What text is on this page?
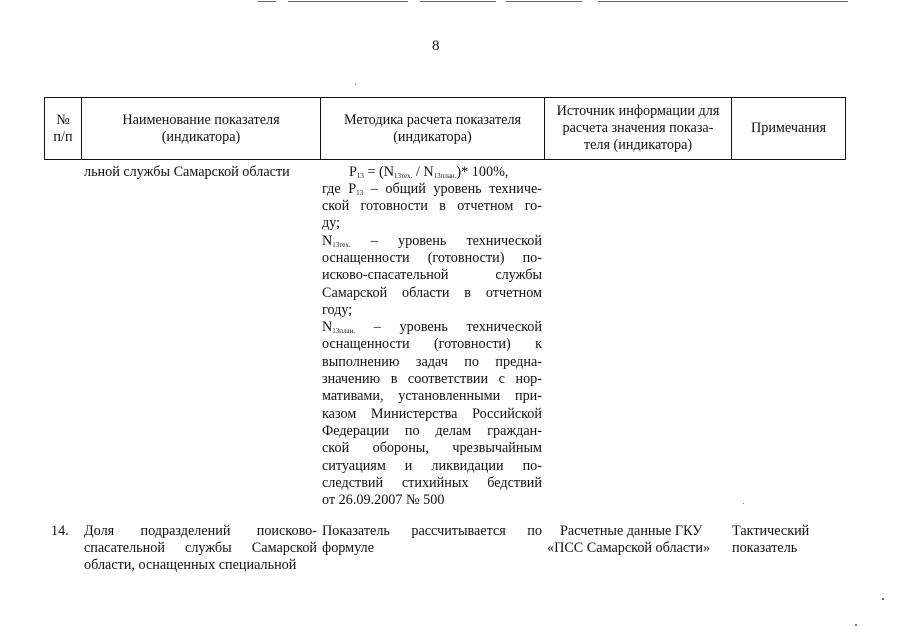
8
№
п/п
Наименование показателя
(индикатора)
Методика расчета показателя
(индикатора)
Источник информации для
расчета значения показа-
теля (индикатора)
Примечания
льной службы Самарской области	$P_{13} = (N_{13тех.} / N_{13план.})*$ 100%,
где $P_{13}$ – общий уровень техниче-
ской готовности в отчетном го-
ду;
$N_{13тех.}$ – уровень технической
оснащенности (готовности) по-
исково-спасательной службы
Самарской области в отчетном
году;
$N_{13план.}$ – уровень технической
оснащенности (готовности) к
выполнению задач по предна-
значению в соответствии с нор-
мативами, установленными при-
казом Министерства Российской
Федерации по делам граждан-
ской обороны, чрезвычайным
ситуациям и ликвидации по-
следствий стихийных бедствий
от 26.09.2007 № 500
14. Доля подразделений поисково-
спасательной службы Самарской
области, оснащенных специальной
Показатель рассчитывается по
формуле
Расчетные данные ГКУ
«ПСС Самарской области»
Тактический
показатель
